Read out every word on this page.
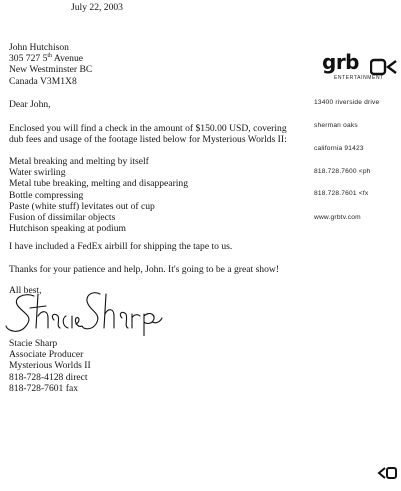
July 22, 2003
John Hutchison
305 727 5th Avenue
New Westminster BC
Canada V3M1X8
grb
ENTERTAINMENT
13400 riverside drive
sherman oaks
california 91423
818.728.7600 <ph
818.728.7601 <fx
www.grbtv.com
Dear John,
Enclosed you will find a check in the amount of $150.00 USD, covering
dub fees and usage of the footage listed below for Mysterious Worlds II:
Metal breaking and melting by itself
Water swirling
Metal tube breaking, melting and disappearing
Bottle compressing
Paste (white stuff) levitates out of cup
Fusion of dissimilar objects
Hutchison speaking at podium
I have included a FedEx airbill for shipping the tape to us.
Thanks for your patience and help, John. It's going to be a great show!
All best,
Stacie Sharp
Associate Producer
Mysterious Worlds II
818-728-4128 direct
818-728-7601 fax
